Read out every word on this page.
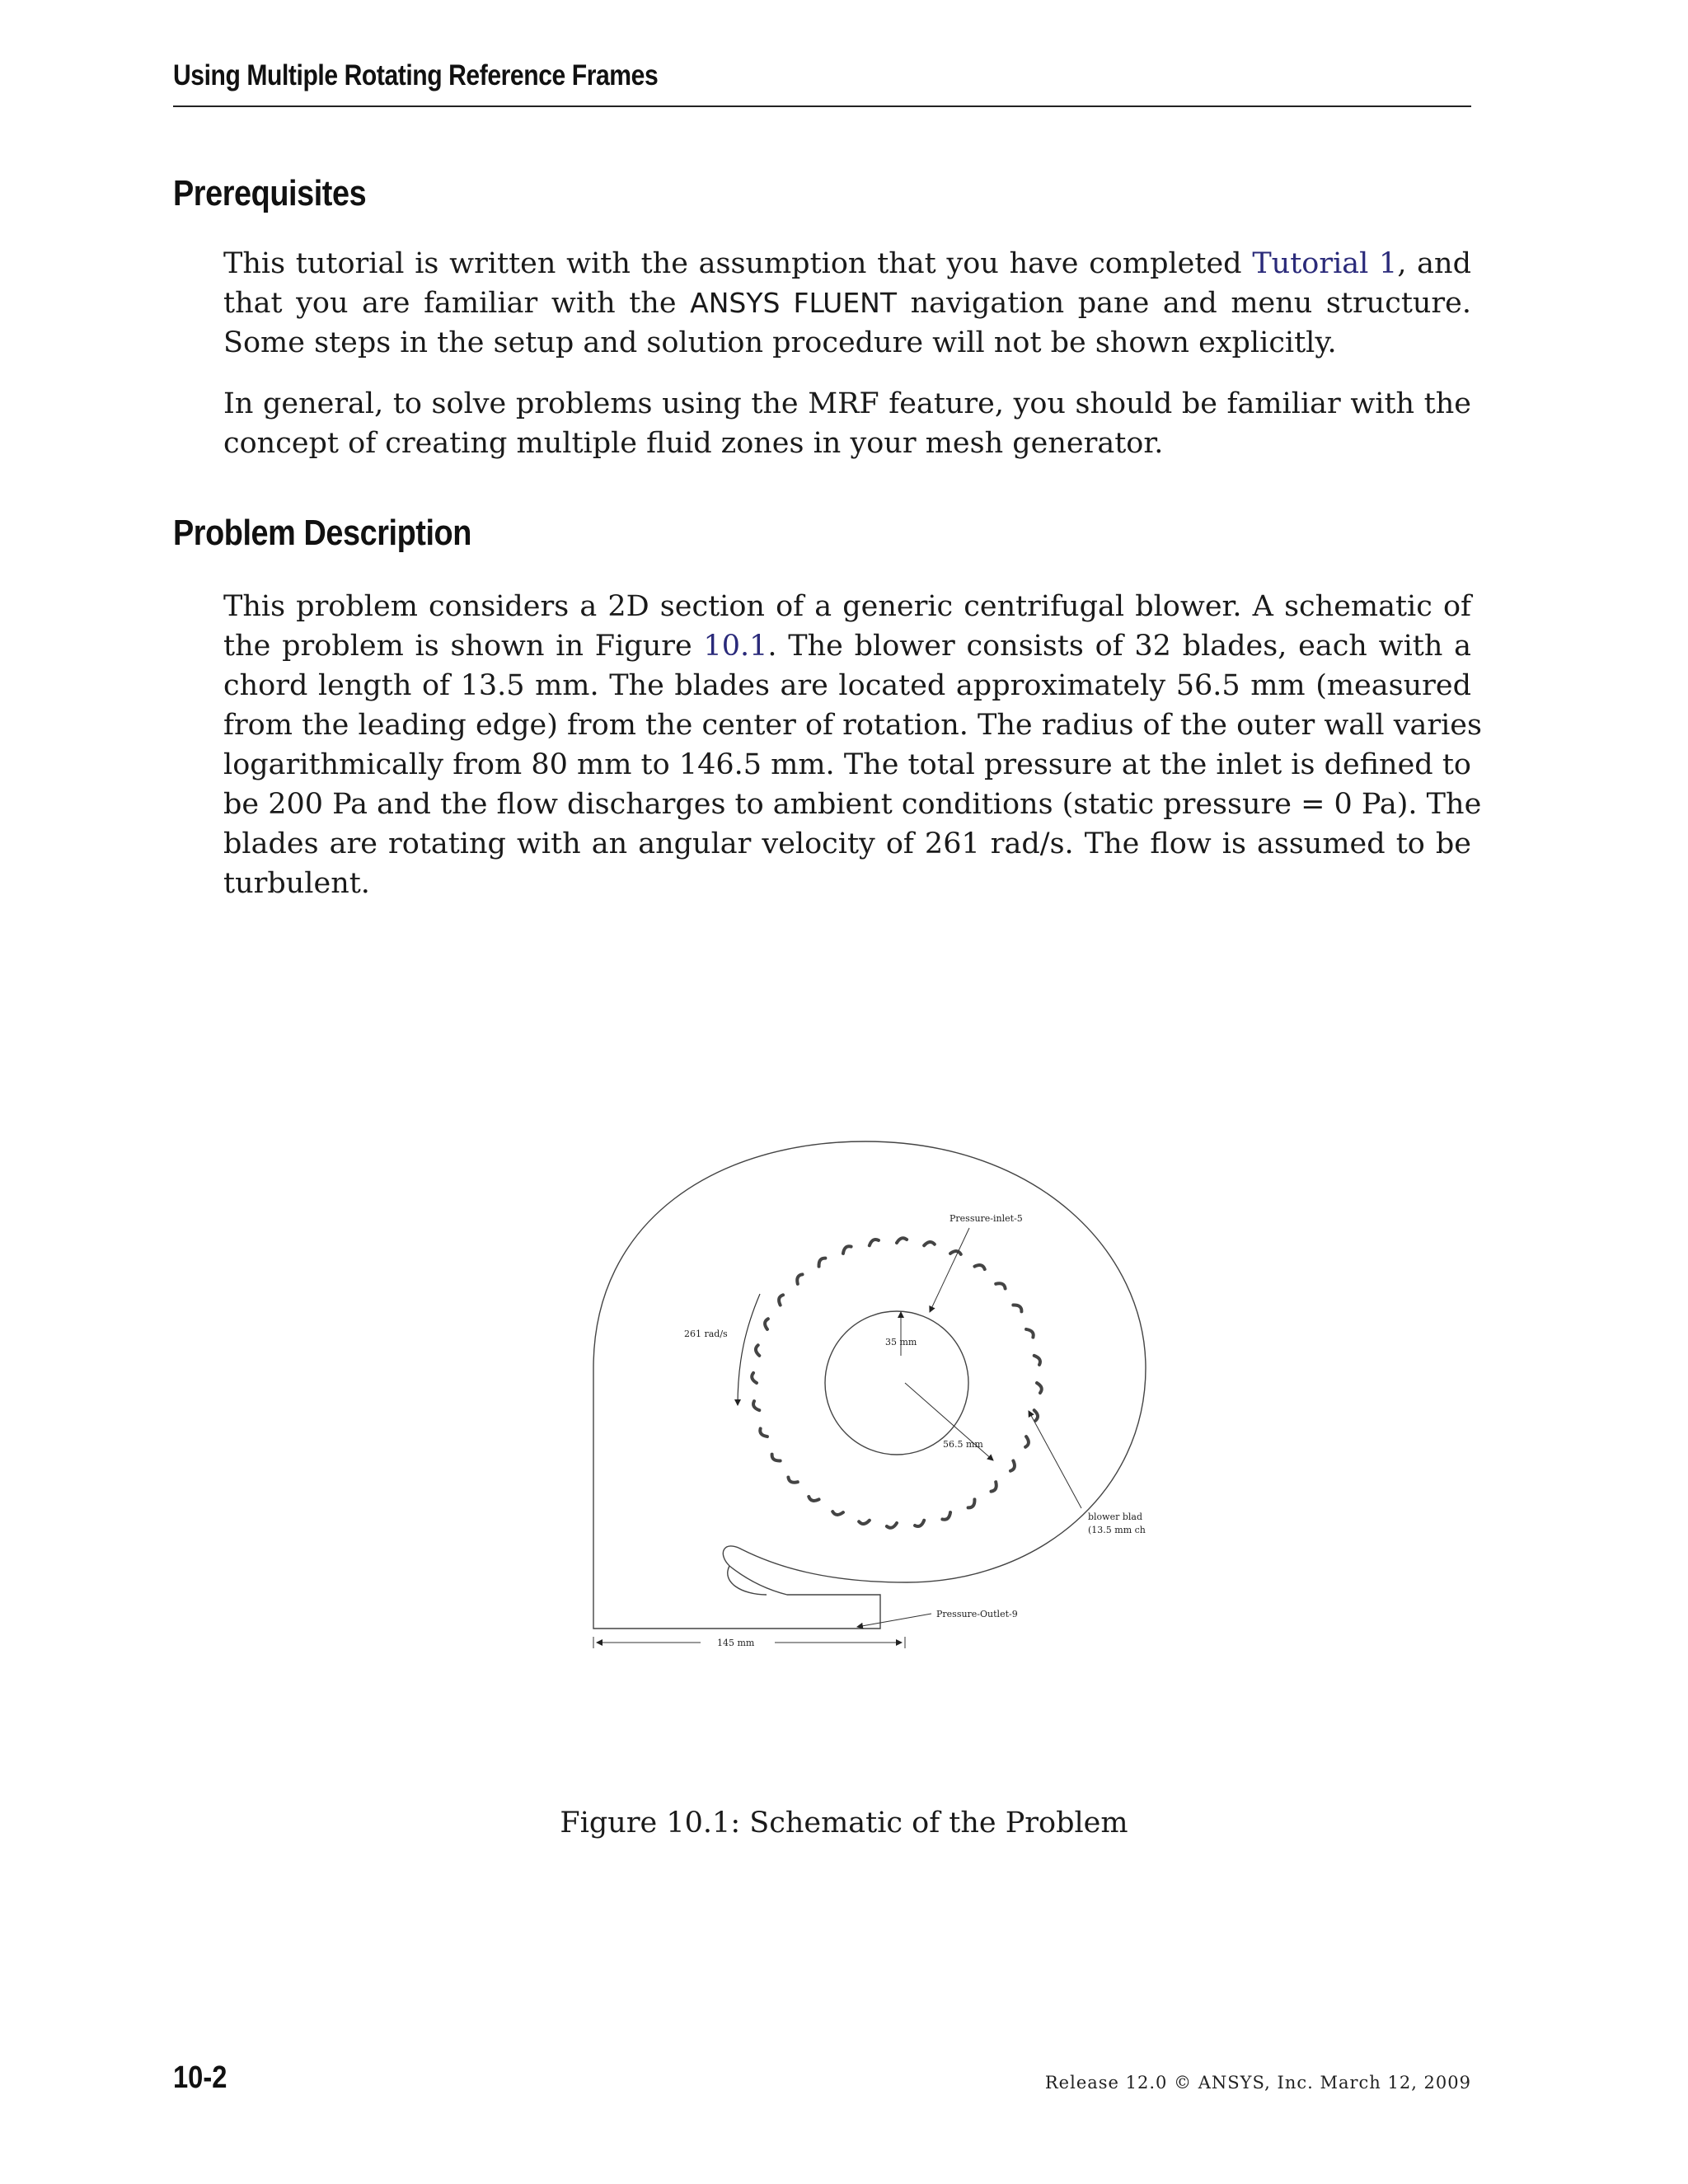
Using Multiple Rotating Reference Frames
Prerequisites
This tutorial is written with the assumption that you have completed Tutorial 1, and
that you are familiar with the ANSYS FLUENT navigation pane and menu structure.
Some steps in the setup and solution procedure will not be shown explicitly.
In general, to solve problems using the MRF feature, you should be familiar with the
concept of creating multiple fluid zones in your mesh generator.
Problem Description
This problem considers a 2D section of a generic centrifugal blower. A schematic of
the problem is shown in Figure 10.1. The blower consists of 32 blades, each with a
chord length of 13.5 mm. The blades are located approximately 56.5 mm (measured
from the leading edge) from the center of rotation. The radius of the outer wall varies
logarithmically from 80 mm to 146.5 mm. The total pressure at the inlet is defined to
be 200 Pa and the flow discharges to ambient conditions (static pressure = 0 Pa). The
blades are rotating with an angular velocity of 261 rad/s. The flow is assumed to be
turbulent.
Pressure-inlet-5
261 rad/s
35 mm
56.5 mm
blower blad
(13.5 mm ch
Pressure-Outlet-9
145 mm
Figure 10.1: Schematic of the Problem
10-2	Release 12.0 © ANSYS, Inc. March 12, 2009
